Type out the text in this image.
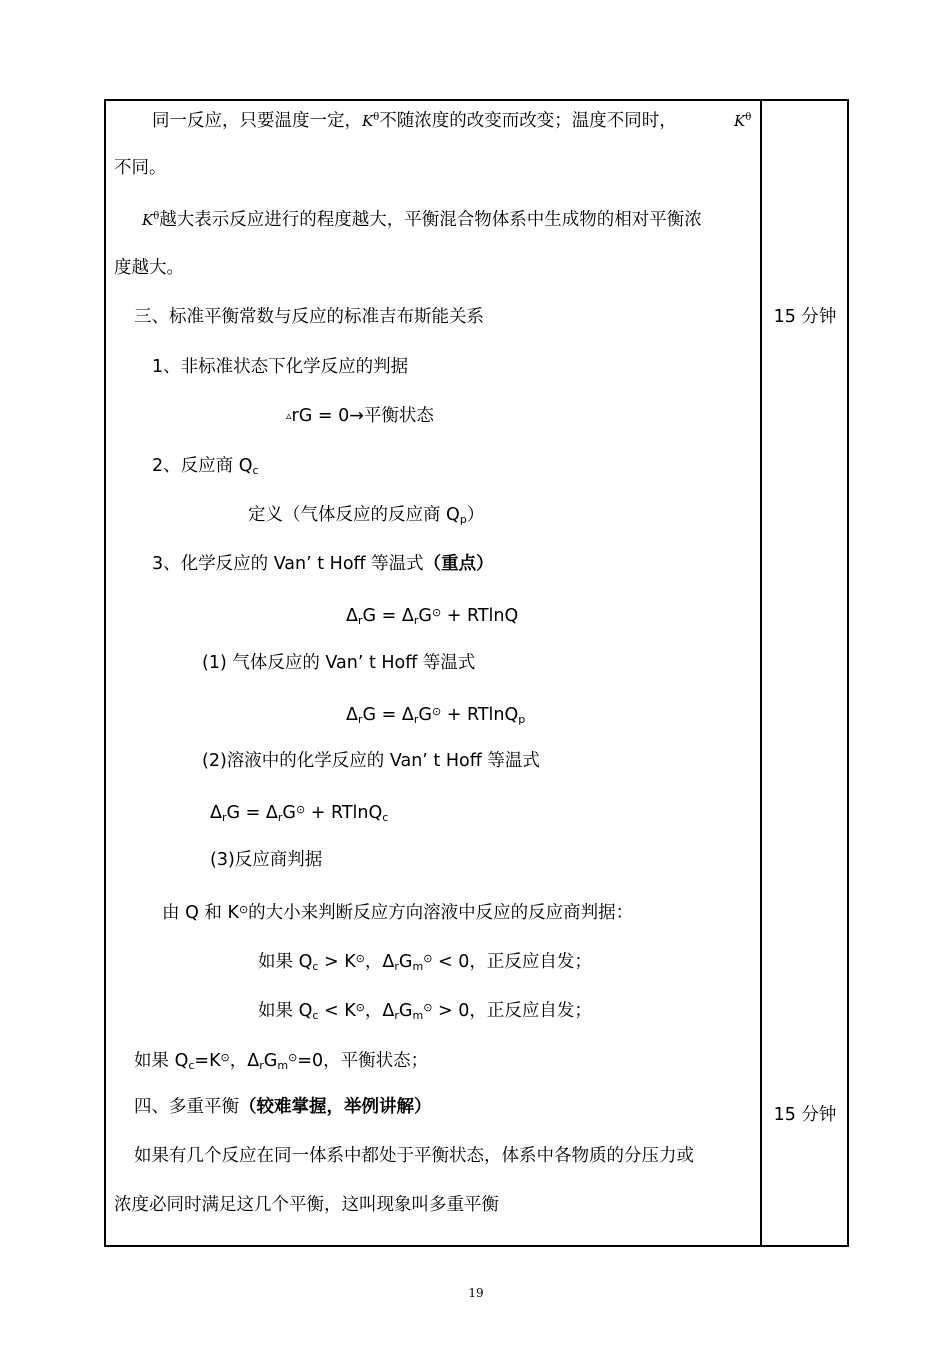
同一反应，只要温度一定，$K^\theta$不随浓度的改变而改变；温度不同时，	$K^\theta$
不同。
$K^\theta$越大表示反应进行的程度越大，平衡混合物体系中生成物的相对平衡浓
度越大。
三、标准平衡常数与反应的标准吉布斯能关系	15 分钟
1、非标准状态下化学反应的判据
▵rG = 0→平衡状态
2、反应商 $Q_c$
定义（气体反应的反应商 $Q_p$）
3、化学反应的 Van’ t Hoff 等温式（重点）
$\Delta_rG = \Delta_rG^⊙ + RTlnQ$
(1) 气体反应的 Van’ t Hoff 等温式
$\Delta_rG = \Delta_rG^⊙ + RTlnQ_p$
(2)溶液中的化学反应的 Van’ t Hoff 等温式
$\Delta_rG = \Delta_rG^⊙ + RTlnQ_c$
(3)反应商判据
由 Q 和 K⊙的大小来判断反应方向溶液中反应的反应商判据：
如果 $Q_c > K^⊙$，$\Delta_rG_m^⊙ < 0$，正反应自发；
如果 $Q_c < K^⊙$，$\Delta_rG_m^⊙ > 0$，正反应自发；
如果 $Q_c=K^⊙$，$\Delta_rG_m^⊙=0$，平衡状态；
四、多重平衡（较难掌握，举例讲解）	15 分钟
如果有几个反应在同一体系中都处于平衡状态，体系中各物质的分压力或
浓度必同时满足这几个平衡，这叫现象叫多重平衡
19
